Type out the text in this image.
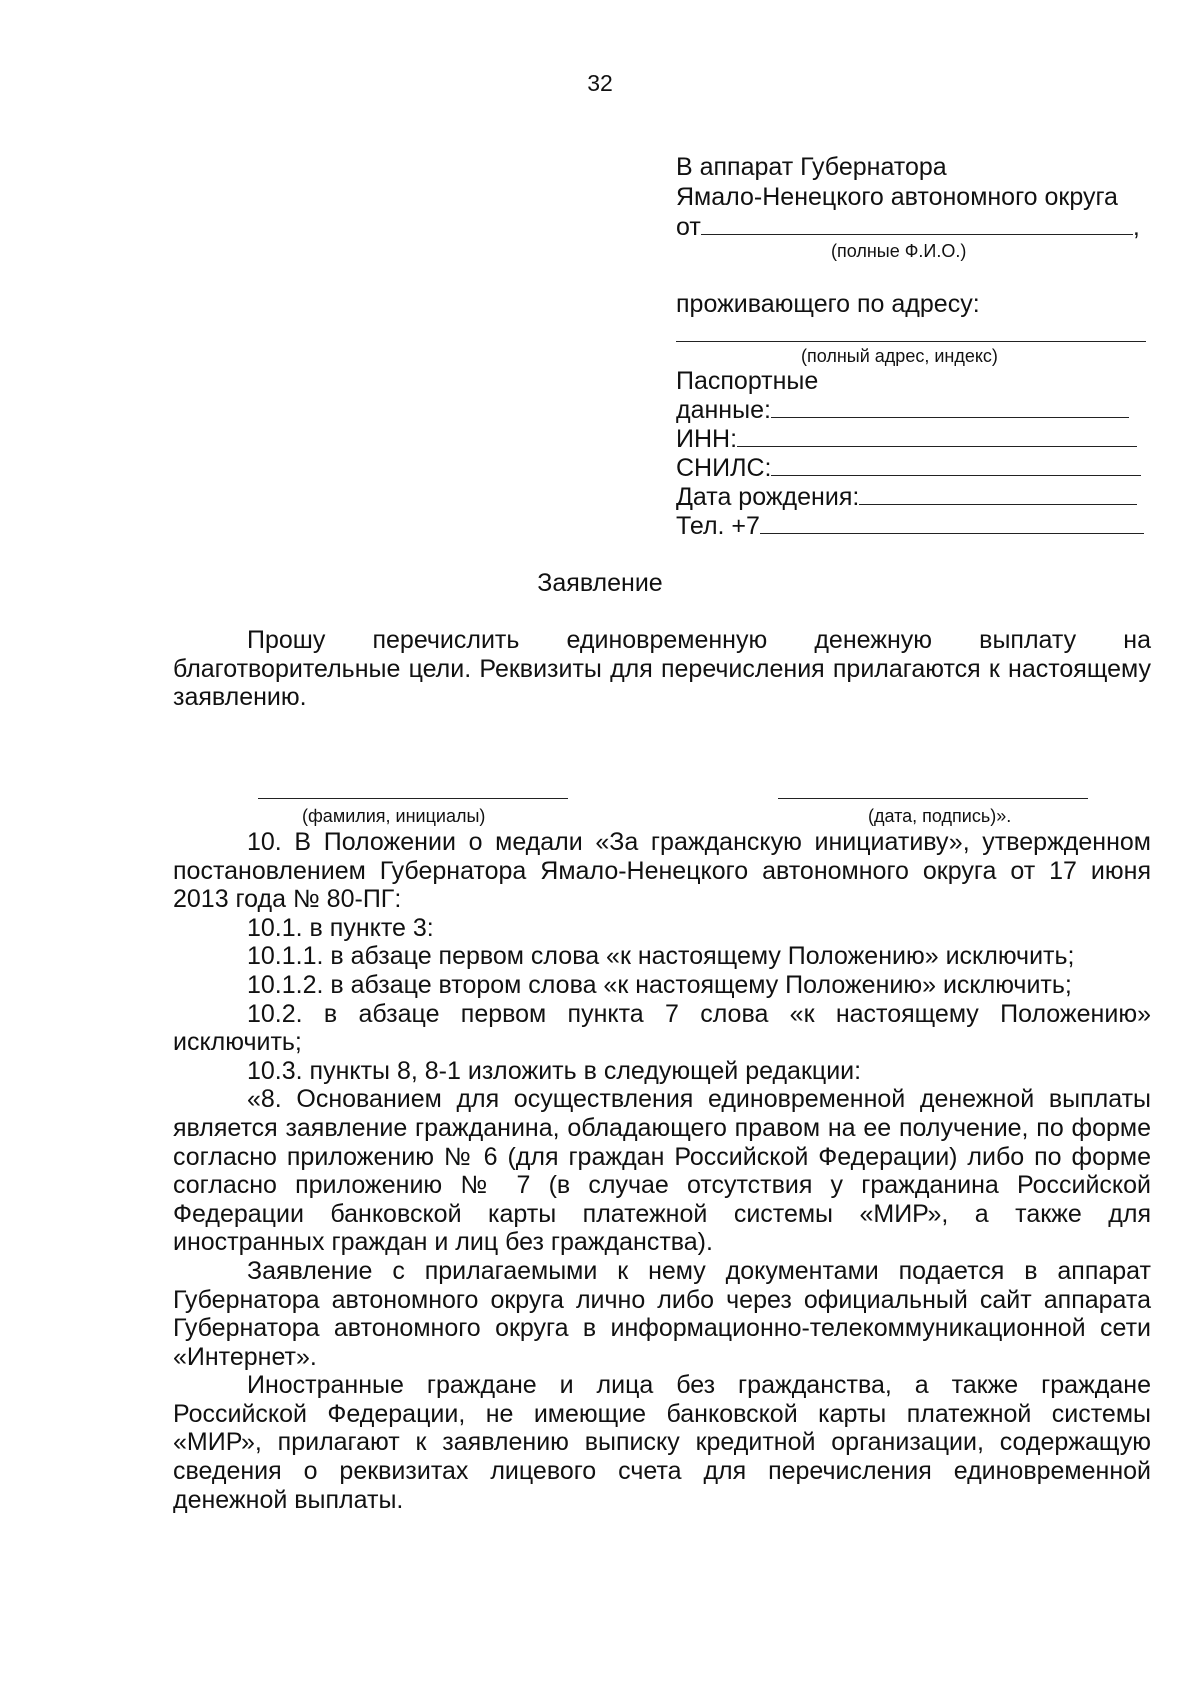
32
В аппарат Губернатора
Ямало-Ненецкого автономного округа
от	,
(полные Ф.И.О.)
проживающего по адресу:
(полный адрес, индекс)
Паспортные
данные:
ИНН:
СНИЛС:
Дата рождения:
Тел. +7
Заявление

Прошу перечислить единовременную денежную выплату на благотворительные цели. Реквизиты для перечисления прилагаются к настоящему заявлению.

(фамилия, инициалы)	(дата, подпись)».

10. В Положении о медали «За гражданскую инициативу», утвержденном постановлением Губернатора Ямало-Ненецкого автономного округа от 17 июня 2013 года № 80-ПГ:

10.1. в пункте 3:

10.1.1. в абзаце первом слова «к настоящему Положению» исключить;

10.1.2. в абзаце втором слова «к настоящему Положению» исключить;

10.2. в абзаце первом пункта 7 слова «к настоящему Положению» исключить;

10.3. пункты 8, 8-1 изложить в следующей редакции:

«8. Основанием для осуществления единовременной денежной выплаты является заявление гражданина, обладающего правом на ее получение, по форме согласно приложению № 6 (для граждан Российской Федерации) либо по форме согласно приложению № 7 (в случае отсутствия у гражданина Российской Федерации банковской карты платежной системы «МИР», а также для иностранных граждан и лиц без гражданства).

Заявление с прилагаемыми к нему документами подается в аппарат Губернатора автономного округа лично либо через официальный сайт аппарата Губернатора автономного округа в информационно-телекоммуникационной сети «Интернет».

Иностранные граждане и лица без гражданства, а также граждане Российской Федерации, не имеющие банковской карты платежной системы «МИР», прилагают к заявлению выписку кредитной организации, содержащую сведения о реквизитах лицевого счета для перечисления единовременной денежной выплаты.
